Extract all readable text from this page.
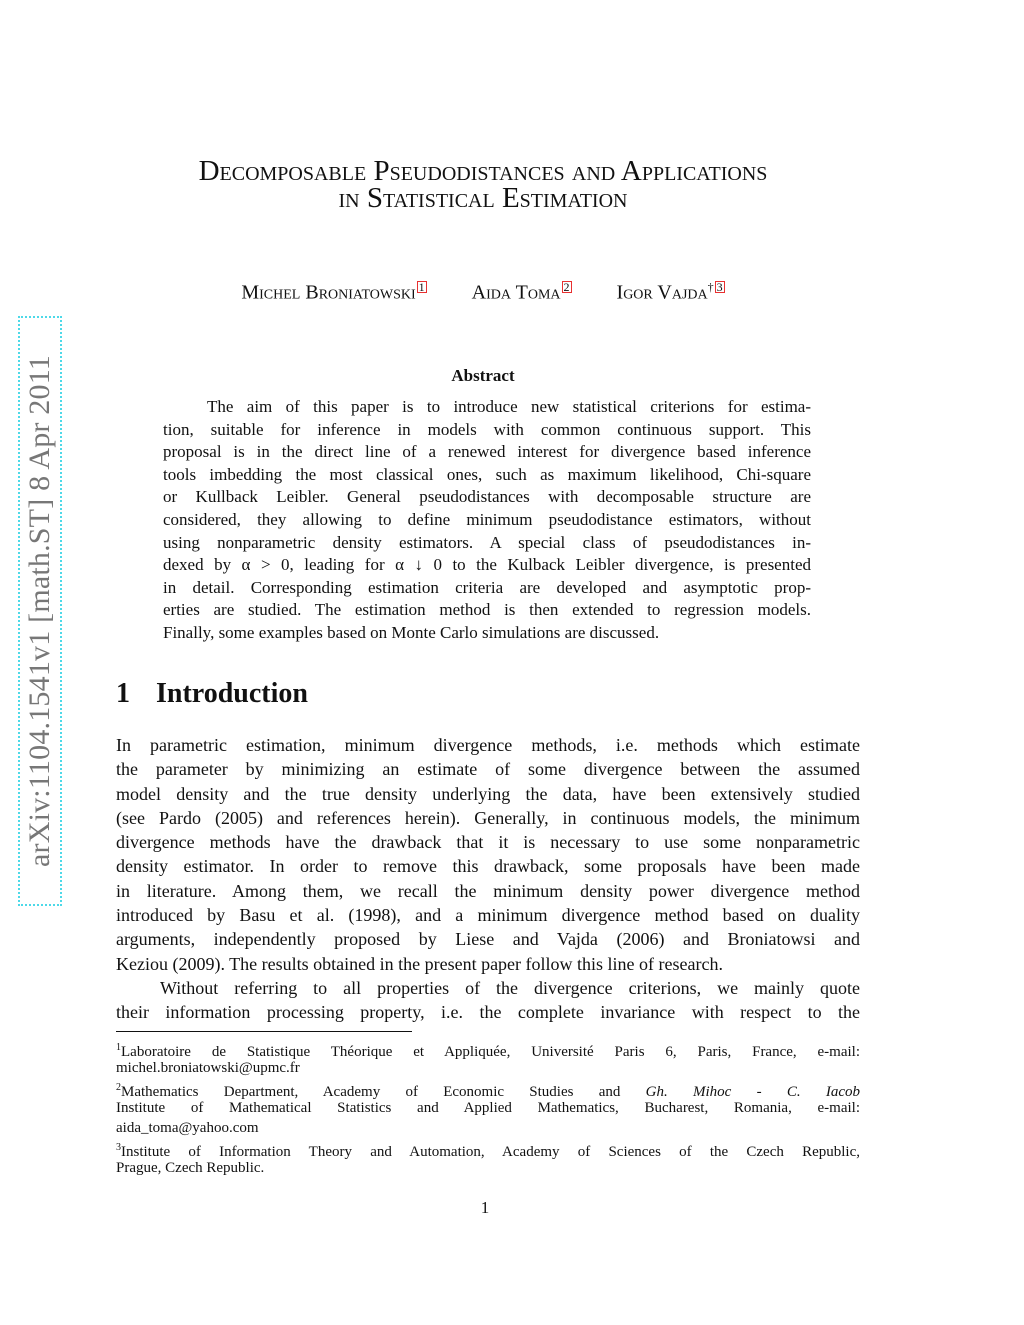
arXiv:1104.1541v1 [math.ST] 8 Apr 2011
Decomposable Pseudodistances and Applications
in Statistical Estimation
Michel Broniatowski 1 Aida Toma 2 Igor Vajda† 3
Abstract
The aim of this paper is to introduce new statistical criterions for estima-
tion, suitable for inference in models with common continuous support. This
proposal is in the direct line of a renewed interest for divergence based inference
tools imbedding the most classical ones, such as maximum likelihood, Chi-square
or Kullback Leibler. General pseudodistances with decomposable structure are
considered, they allowing to define minimum pseudodistance estimators, without
using nonparametric density estimators. A special class of pseudodistances in-
dexed by α > 0, leading for α ↓ 0 to the Kulback Leibler divergence, is presented
in detail. Corresponding estimation criteria are developed and asymptotic prop-
erties are studied. The estimation method is then extended to regression models.
Finally, some examples based on Monte Carlo simulations are discussed.
1 Introduction
In parametric estimation, minimum divergence methods, i.e. methods which estimate
the parameter by minimizing an estimate of some divergence between the assumed
model density and the true density underlying the data, have been extensively studied
(see Pardo (2005) and references herein). Generally, in continuous models, the minimum
divergence methods have the drawback that it is necessary to use some nonparametric
density estimator. In order to remove this drawback, some proposals have been made
in literature. Among them, we recall the minimum density power divergence method
introduced by Basu et al. (1998), and a minimum divergence method based on duality
arguments, independently proposed by Liese and Vajda (2006) and Broniatowsi and
Keziou (2009). The results obtained in the present paper follow this line of research.
Without referring to all properties of the divergence criterions, we mainly quote
their information processing property, i.e. the complete invariance with respect to the
$^1$Laboratoire de Statistique Théorique et Appliquée, Université Paris 6, Paris, France, e-mail:
michel.broniatowski@upmc.fr
$^2$Mathematics Department, Academy of Economic Studies and Gh. Mihoc - C. Iacob
Institute of Mathematical Statistics and Applied Mathematics, Bucharest, Romania, e-mail:
aida_toma@yahoo.com
$^3$Institute of Information Theory and Automation, Academy of Sciences of the Czech Republic,
Prague, Czech Republic.
1
